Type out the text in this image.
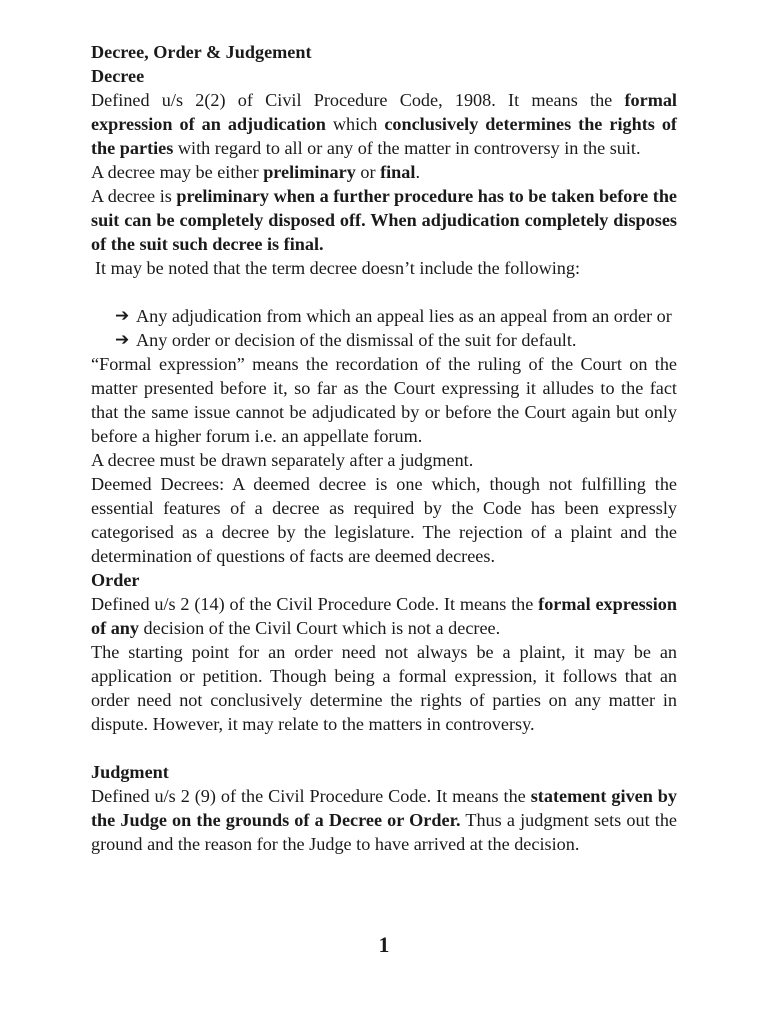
Decree, Order & Judgement

Decree

Defined u/s 2(2) of Civil Procedure Code, 1908. It means the formal expression of an adjudication which conclusively determines the rights of the parties with regard to all or any of the matter in controversy in the suit.

A decree may be either preliminary or final.

A decree is preliminary when a further procedure has to be taken before the suit can be completely disposed off. When adjudication completely disposes of the suit such decree is final.

It may be noted that the term decree doesn’t include the following:

➔ Any adjudication from which an appeal lies as an appeal from an order or
➔ Any order or decision of the dismissal of the suit for default.

“Formal expression” means the recordation of the ruling of the Court on the matter presented before it, so far as the Court expressing it alludes to the fact that the same issue cannot be adjudicated by or before the Court again but only before a higher forum i.e. an appellate forum.

A decree must be drawn separately after a judgment.

Deemed Decrees: A deemed decree is one which, though not fulfilling the essential features of a decree as required by the Code has been expressly categorised as a decree by the legislature. The rejection of a plaint and the determination of questions of facts are deemed decrees.

Order

Defined u/s 2 (14) of the Civil Procedure Code. It means the formal expression of any decision of the Civil Court which is not a decree.

The starting point for an order need not always be a plaint, it may be an application or petition. Though being a formal expression, it follows that an order need not conclusively determine the rights of parties on any matter in dispute. However, it may relate to the matters in controversy.

Judgment

Defined u/s 2 (9) of the Civil Procedure Code. It means the statement given by the Judge on the grounds of a Decree or Order. Thus a judgment sets out the ground and the reason for the Judge to have arrived at the decision.

1
